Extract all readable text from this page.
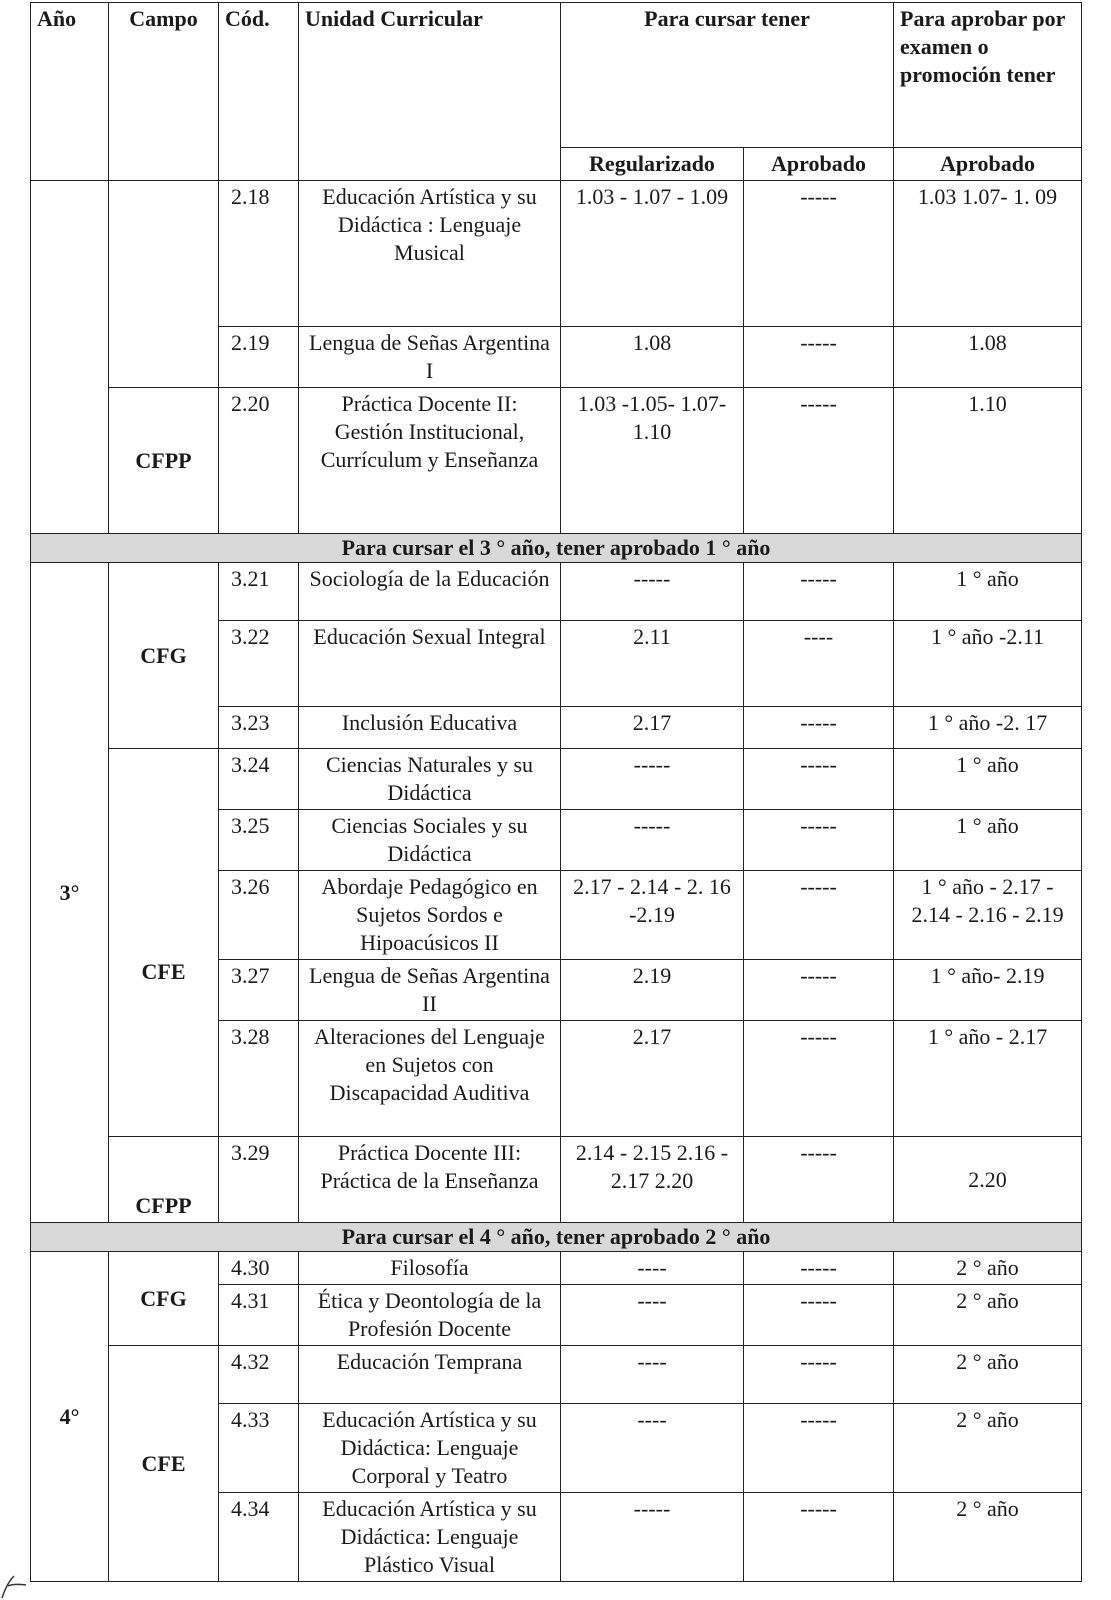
Año	Campo	Cód.	Unidad Curricular	Para cursar tener		Para aprobar por examen o promoción tener
				Regularizado	Aprobado	Aprobado
		2.18	Educación Artística y su Didáctica : Lenguaje Musical	1.03 - 1.07 - 1.09	-----	1.03 1.07- 1. 09
		2.19	Lengua de Señas Argentina I	1.08	-----	1.08
	CFPP	2.20	Práctica Docente II: Gestión Institucional, Currículum y Enseñanza	1.03 -1.05- 1.07- 1.10	-----	1.10
Para cursar el 3 ° año, tener aprobado 1 ° año						
3°	CFG	3.21	Sociología de la Educación	-----	-----	1 ° año
		3.22	Educación Sexual Integral	2.11	----	1 ° año -2.11
		3.23	Inclusión Educativa	2.17	-----	1 ° año -2. 17
	CFE	3.24	Ciencias Naturales y su Didáctica	-----	-----	1 ° año
		3.25	Ciencias Sociales y su Didáctica	-----	-----	1 ° año
		3.26	Abordaje Pedagógico en Sujetos Sordos e Hipoacúsicos II	2.17 - 2.14 - 2. 16 -2.19	-----	1 ° año - 2.17 - 2.14 - 2.16 - 2.19
		3.27	Lengua de Señas Argentina II	2.19	-----	1 ° año- 2.19
		3.28	Alteraciones del Lenguaje en Sujetos con Discapacidad Auditiva	2.17	-----	1 ° año - 2.17
	CFPP	3.29	Práctica Docente III: Práctica de la Enseñanza	2.14 - 2.15 2.16 - 2.17 2.20	-----	2.20
Para cursar el 4 ° año, tener aprobado 2 ° año						
4°	CFG	4.30	Filosofía	----	-----	2 ° año
		4.31	Ética y Deontología de la Profesión Docente	----	-----	2 ° año
	CFE	4.32	Educación Temprana	----	-----	2 ° año
		4.33	Educación Artística y su Didáctica: Lenguaje Corporal y Teatro	----	-----	2 ° año
		4.34	Educación Artística y su Didáctica: Lenguaje Plástico Visual	-----	-----	2 ° año
